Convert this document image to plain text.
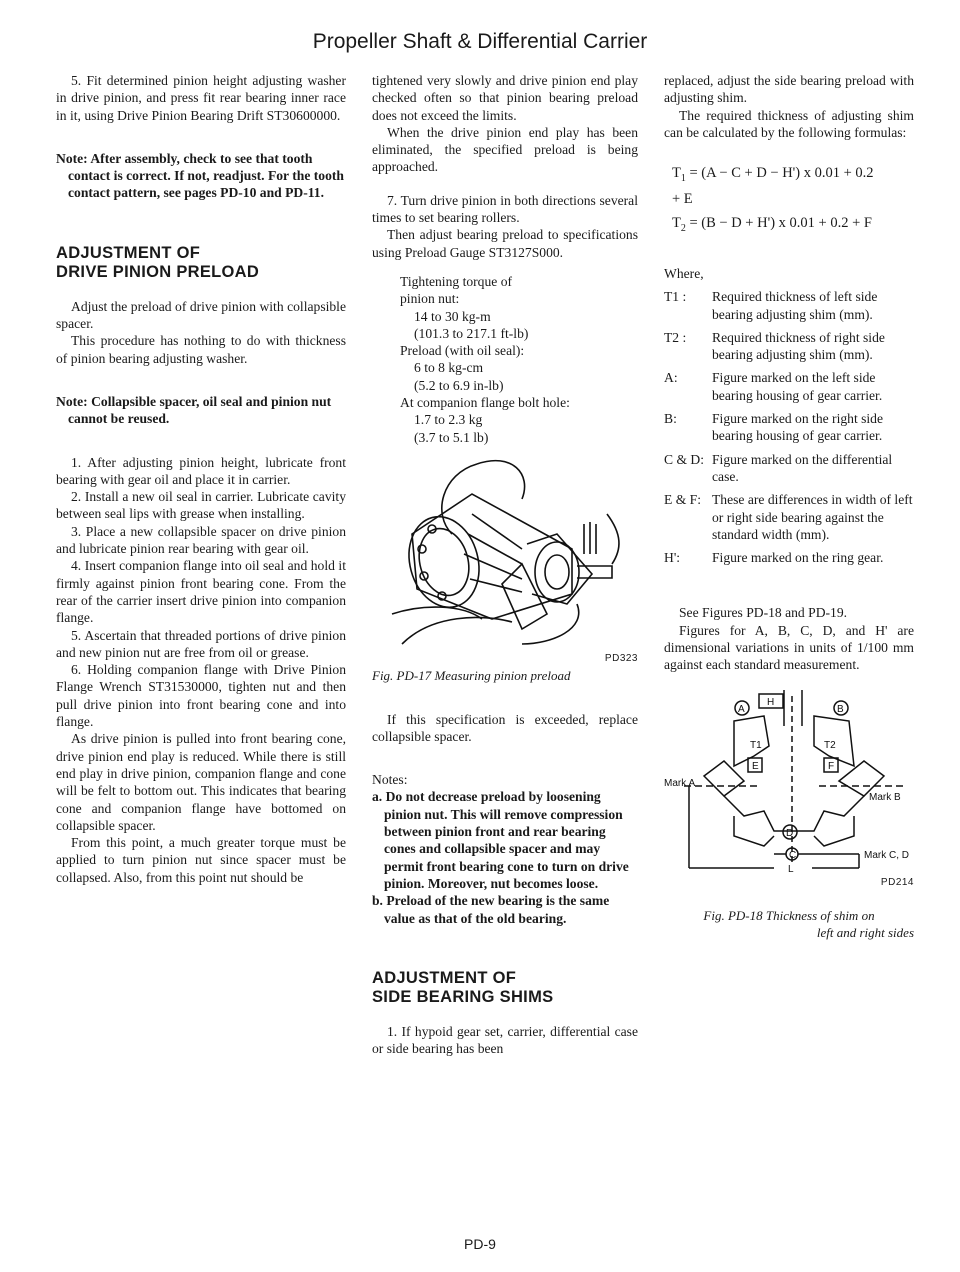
Propeller Shaft & Differential Carrier

5. Fit determined pinion height adjusting washer in drive pinion, and press fit rear bearing inner race in it, using Drive Pinion Bearing Drift ST30600000.

Note: After assembly, check to see that tooth contact is correct. If not, readjust. For the tooth contact pattern, see pages PD-10 and PD-11.

ADJUSTMENT OF
DRIVE PINION PRELOAD

Adjust the preload of drive pinion with collapsible spacer.

This procedure has nothing to do with thickness of pinion bearing adjusting washer.

Note: Collapsible spacer, oil seal and pinion nut cannot be reused.

1. After adjusting pinion height, lubricate front bearing with gear oil and place it in carrier.

2. Install a new oil seal in carrier. Lubricate cavity between seal lips with grease when installing.

3. Place a new collapsible spacer on drive pinion and lubricate pinion rear bearing with gear oil.

4. Insert companion flange into oil seal and hold it firmly against pinion front bearing cone. From the rear of the carrier insert drive pinion into companion flange.

5. Ascertain that threaded portions of drive pinion and new pinion nut are free from oil or grease.

6. Holding companion flange with Drive Pinion Flange Wrench ST31530000, tighten nut and then pull drive pinion into front bearing cone and into flange.

As drive pinion is pulled into front bearing cone, drive pinion end play is reduced. While there is still end play in drive pinion, companion flange and cone will be felt to bottom out. This indicates that bearing cone and companion flange have bottomed on collapsible spacer.

From this point, a much greater torque must be applied to turn pinion nut since spacer must be collapsed. Also, from this point nut should be

tightened very slowly and drive pinion end play checked often so that pinion bearing preload does not exceed the limits.

When the drive pinion end play has been eliminated, the specified preload is being approached.

7. Turn drive pinion in both directions several times to set bearing rollers.

Then adjust bearing preload to specifications using Preload Gauge ST3127S000.

Tightening torque of
pinion nut:
14 to 30 kg-m
(101.3 to 217.1 ft-lb)
Preload (with oil seal):
6 to 8 kg-cm
(5.2 to 6.9 in-lb)
At companion flange bolt hole:
1.7 to 2.3 kg
(3.7 to 5.1 lb)
PD323
Fig. PD-17 Measuring pinion preload

If this specification is exceeded, replace collapsible spacer.

Notes:

a. Do not decrease preload by loosening pinion nut. This will remove compression between pinion front and rear bearing cones and collapsible spacer and may permit front bearing cone to turn on drive pinion. Moreover, nut becomes loose.

b. Preload of the new bearing is the same value as that of the old bearing.

ADJUSTMENT OF
SIDE BEARING SHIMS

1. If hypoid gear set, carrier, differential case or side bearing has been

replaced, adjust the side bearing preload with adjusting shim.

The required thickness of adjusting shim can be calculated by the following formulas:

$T_1 = (A - C + D - H')$ x 0.01 + 0.2
+ E
$T_2 = (B - D + H')$ x 0.01 + 0.2 + F

Where,

T1 :	Required thickness of left side bearing adjusting shim (mm).
T2 :	Required thickness of right side bearing adjusting shim (mm).
A:	Figure marked on the left side bearing housing of gear carrier.
B:	Figure marked on the right side bearing housing of gear carrier.
C & D: Figure marked on the differential case.
E & F: These are differences in width of left or right side bearing against the standard width (mm).
H':	Figure marked on the ring gear.

See Figures PD-18 and PD-19.

Figures for A, B, C, D, and H' are dimensional variations in units of 1/100 mm against each standard measurement.

A	B
H
T1	T2
E	F
Mark A
Mark B
D
C	Mark C, D
L
PD214
Fig. PD-18 Thickness of shim on
left and right sides
PD-9
